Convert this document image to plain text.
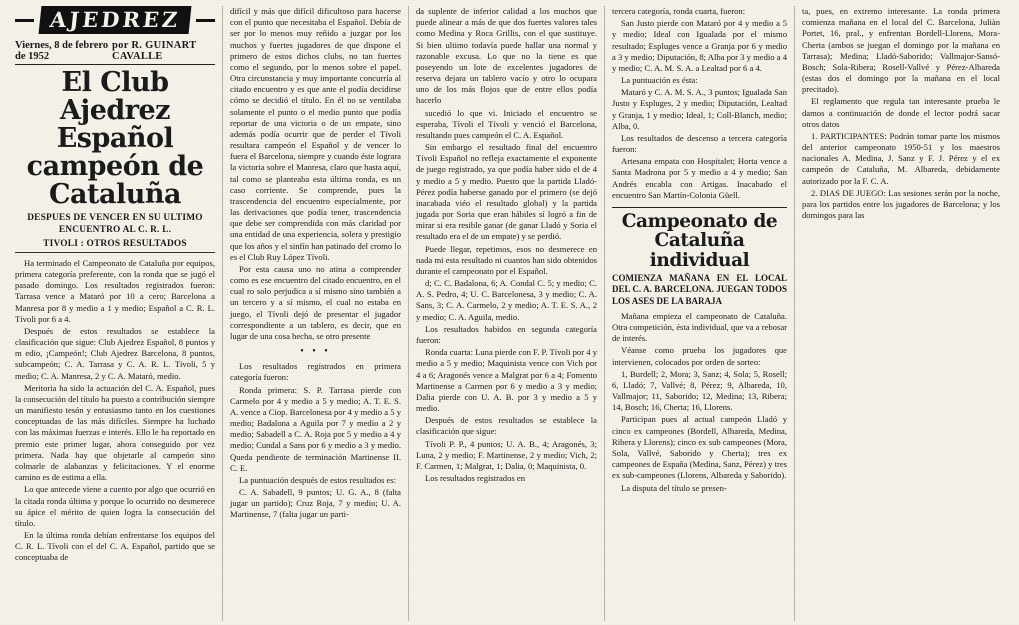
AJEDREZ
Viernes, 8 de febrero de 1952
por R. GUINART CAVALLE
El Club Ajedrez Español
campeón de Cataluña
DESPUES DE VENCER EN SU ULTIMO ENCUENTRO AL C. R. L.
TIVOLI : OTROS RESULTADOS

Ha terminado el Campeonato de Cataluña por equipos, primera categoría preferente, con la ronda que se jugó el pasado domingo. Los resultados registrados fueron: Tarrasa vence a Mataró por 10 a cero; Barcelona a Manresa por 8 y medio a 1 y medio; Español a C. R. L. Tívoli por 6 a 4.

Después de estos resultados se establece la clasificación que sigue: Club Ajedrez Español, 8 puntos y m edio, ¡Campeón!; Club Ajedrez Barcelona, 8 puntos, subcampeón; C. A. Tarrasa y C. A. R. L. Tívoli, 5 y medio; C. A. Manresa, 2 y C. A. Mataró, medio.

Meritoria ha sido la actuación del C. A. Español, pues la consecución del título ha puesto a contribución siempre un manifiesto tesón y entusiasmo tanto en los cuestiones conceptuadas de las más difíciles. Siempre ha luchado con las máximas fuerzas e interés. Ello le ha reportado en premio este primer lugar, ahora conseguido por vez primera. Nada hay que objetarle al campeón sino colmarle de alabanzas y felicitaciones. Y el enorme camino es de estima a ella.

Lo que antecede viene a cuento por algo que ocurrió en la citada ronda última y porque lo ocurrido no desmerece su ápice el mérito de quien logra la consecución del título.

En la última ronda debían enfrentarse los equipos del C. R. L. Tívoli con el del C. A. Español, partido que se conceptuaba de

difícil y más que difícil dificultoso para hacerse con el punto que necesitaba el Español. Debía de ser por lo menos muy reñido a juzgar por los muchos y fuertes jugadores de que dispone el primero de estos dichos clubs, no tan fuertes como el segundo, por lo menos sobre el papel. Otra circunstancia y muy importante concurría al citado encuentro y es que ante el podía decidirse cómo se decidió el título. En él no se ventilaba solamente el punto o el medio punto que podía reportar de una victoria o de un empate, sino además podía ocurrir que de perder el Tívoli resultara campeón el Español y de vencer lo fuera el Barcelona, siempre y cuando éste lograra la victoria sobre el Manresa, claro que hasta aquí, tal como se planteaba esta última ronda, es un caso corriente. Se comprende, pues la trascendencia del encuentro especialmente, por las derivaciones que podía tener, trascendencia que debe ser comprendida con más claridad por una entidad de una experiencia, solera y prestigio que los años y el sinfín han patinado del cromo lo es el Club Ruy López Tívoli.

Por esta causa uno no atina a comprender como es ese encuentro del citado encuentro, en el cual ro solo perjudica a sí mismo sino también a un tercero y a sí mismo, el cual no estaba en juego, el Tívoli dejó de presentar el jugador correspondiente a un tablero, es decir, que en lugar de una cosa hecha, se otro presente

• • •

Los resultados registrados en primera categoría fueron:

Ronda primera: S. P. Tarrasa pierde con Carmelo por 4 y medio a 5 y medio; A. T. E. S. A. vence a Ciop. Barcelonesa por 4 y medio a 5 y medio; Badalona a Aguila por 7 y medio a 2 y medio; Sabadell a C. A. Roja por 5 y medio a 4 y medio; Cundal a Sans por 6 y medio a 3 y medio. Queda pendiente de terminación Martinense II. C. E.

La puntuación después de estos resultados es:

C. A. Sabadell, 9 puntos; U. G. A., 8 (falta jugar un partido); Cruz Roja, 7 y medio; U. A. Martinense, 7 (falta jugar un parti-

da suplente de inferior calidad a los muchos que puede alinear a más de que dos fuertes valores tales como Medina y Roca Grillis, con el que sustituye. Si bien ultimo todavía puede hallar una normal y razonable excusa. Lo que no la tiene es que poseyendo un lote de excelentes jugadores de reserva dejara un tablero vacío y otro lo ocupara uno de los más flojos que de entre ellos podía hacerlo

sucedió lo que vi. Iniciado el encuentro se esperaba, Tívoli el Tívoli y venció el Barcelona, resultando pues campeón el C. A. Español.

Sin embargo el resultado final del encuentro Tívoli Español no refleja exactamente el exponente de juego registrado, ya que podía haber sido el de 4 y medio a 5 y medio. Puesto que la partida Lladó-Pérez podía haberse ganado por el primero (se dejó inacabada viéo el resultado global) y la partida jugada por Soria que eran hábiles sí logró a fin de mirar si era resible ganar (de ganar Lladó y Soria el resultado era el de un empate) y se perdió.

Puede llegar, repetimos, esos no desmerece en nada mi esta resultado ni cuantos han sido obtenidos durante el campeonato por el Español.

d; C. C. Badalona, 6; A. Condal C. 5; y medio; C. A. S. Pedro, 4; U. C. Barcelonesa, 3 y medio; C. A. Sans, 3; C. A. Carmelo, 2 y medio; A. T. E. S. A., 2 y medio; C. A. Aguila, medio.

Los resultados habidos en segunda categoría fueron:

Ronda cuarta: Luna pierde con F. P. Tívoli por 4 y medio a 5 y medio; Maquinista vence con Vich por 4 a 6; Aragonés vence a Malgrat por 6 a 4; Fomento Martinense a Carmen por 6 y medio a 3 y medio; Dalia pierde con U. A. B. por 3 y medio a 5 y medio.

Después de estos resultados se establece la clasificación que sigue:

Tívoli P. P., 4 puntos; U. A. B., 4; Aragonés, 3; Luna, 2 y medio; F. Martinense, 2 y medio; Vich, 2; F. Carmen, 1; Malgrat, 1; Dalia, 0; Maquinista, 0.

Los resultados registrados en

tercera categoría, ronda cuarta, fueron:

San Justo pierde con Mataró por 4 y medio a 5 y medio; Ideal con Igualada por el mismo resultado; Espluges vence a Granja por 6 y medio a 3 y medio; Diputación, 8; Alba por 3 y medio a 4 y medio; C. A. M. S. A. a Lealtad por 6 a 4.

La puntuación es ésta:

Mataró y C. A. M. S. A., 3 puntos; Igualada San Justo y Espluges, 2 y medio; Diputación, Lealtad y Granja, 1 y medio; Ideal, 1; Coll-Blanch, medio; Alba, 0.

Los resultados de descenso a tercera categoría fueron:

Artesana empata con Hospitalet; Horta vence a Santa Madrona por 5 y medio a 4 y medio; San Andrés encabla con Artigas. Inacabado el encuentro San Martín-Colonia Güell.

Campeonato de Cataluña individual
COMIENZA MAÑANA EN EL LOCAL DEL C. A. BARCELONA. JUEGAN TODOS LOS ASES DE LA BARAJA

Mañana empieza el campeonato de Cataluña. Otra competición, ésta individual, que va a rebosar de interés.

Véanse como prueba los jugadores que intervienen, colocados por orden de sorteo:

1, Burdell; 2, Mora; 3, Sanz; 4, Sola; 5, Rosell; 6, Lladó; 7, Vallvé; 8, Pérez; 9, Albareda, 10, Vallmajor; 11, Saborido; 12, Medina; 13, Ribera; 14, Bosch; 16, Cherta; 16, Llorens.

Participan pues al actual campeón Lladó y cinco ex campeones (Bordell, Albareda, Medina, Ribera y Llorens); cinco ex sub campeones (Mora, Sola, Vallvé, Saborido y Cherta); tres ex campeones de España (Medina, Sanz, Pérez) y tres ex sub-campeones (Llorens, Albareda y Saborido).

La disputa del título se presen-

ta, pues, en extremo interesante. La ronda primera comienza mañana en el local del C. Barcelona, Juliàn Portet, 16, pral., y enfrentan Bordell-Llorens, Mora-Cherta (ambos se juegan el domingo por la mañana en Tarrasa); Medina; Lladó-Saborido; Vallmajor-Sansó-Bosch; Sola-Ribera; Rosell-Vallvé y Pérez-Albareda (estas dos el domingo por la mañana en el local precitado).

El reglamento que regula tan interesante prueba le damos a continuación de donde el lector podrá sacar otros datos

1. PARTICIPANTES: Podrán tomar parte los mismos del anterior campeonato 1950-51 y los maestros nacionales A. Medina, J. Sanz y F. J. Pérez y el ex campeón de Cataluña, M. Albareda, debidamente autorizado por la F. C. A.

2. DIAS DE JUEGO: Las sesiones serán por la noche, para los partidos entre los jugadores de Barcelona; y los domingos para las
